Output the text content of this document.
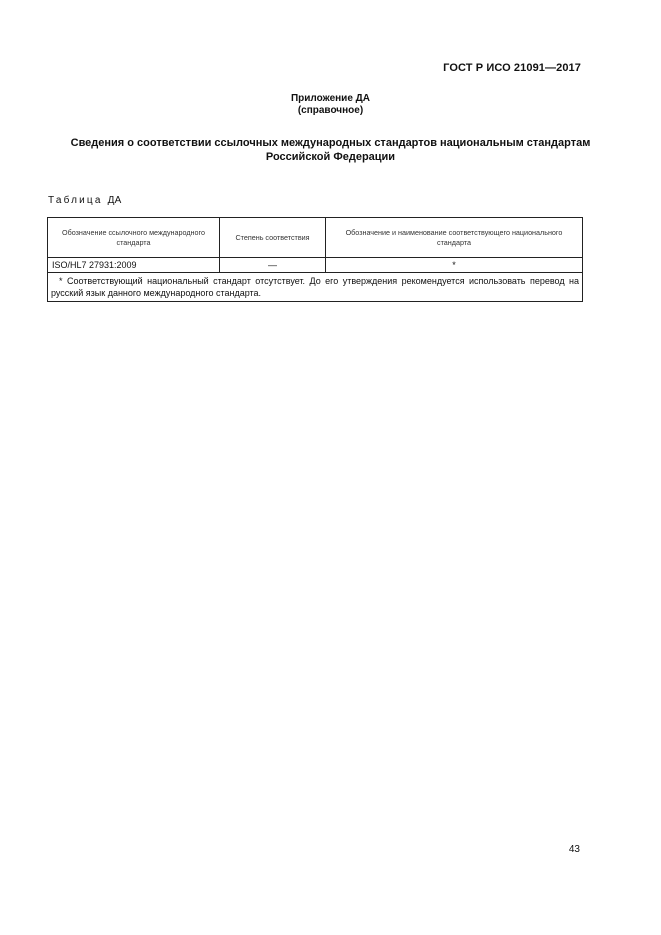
ГОСТ Р ИСО 21091—2017
Приложение ДА
(справочное)
Сведения о соответствии ссылочных международных стандартов национальным стандартам
Российской Федерации
Таблица ДА
Обозначение ссылочного международного стандарта	Степень соответствия	Обозначение и наименование соответствующего национального стандарта
ISO/HL7 27931:2009	—	*

* Соответствующий национальный стандарт отсутствует. До его утверждения рекомендуется использовать перевод на русский язык данного международного стандарта.		
43
